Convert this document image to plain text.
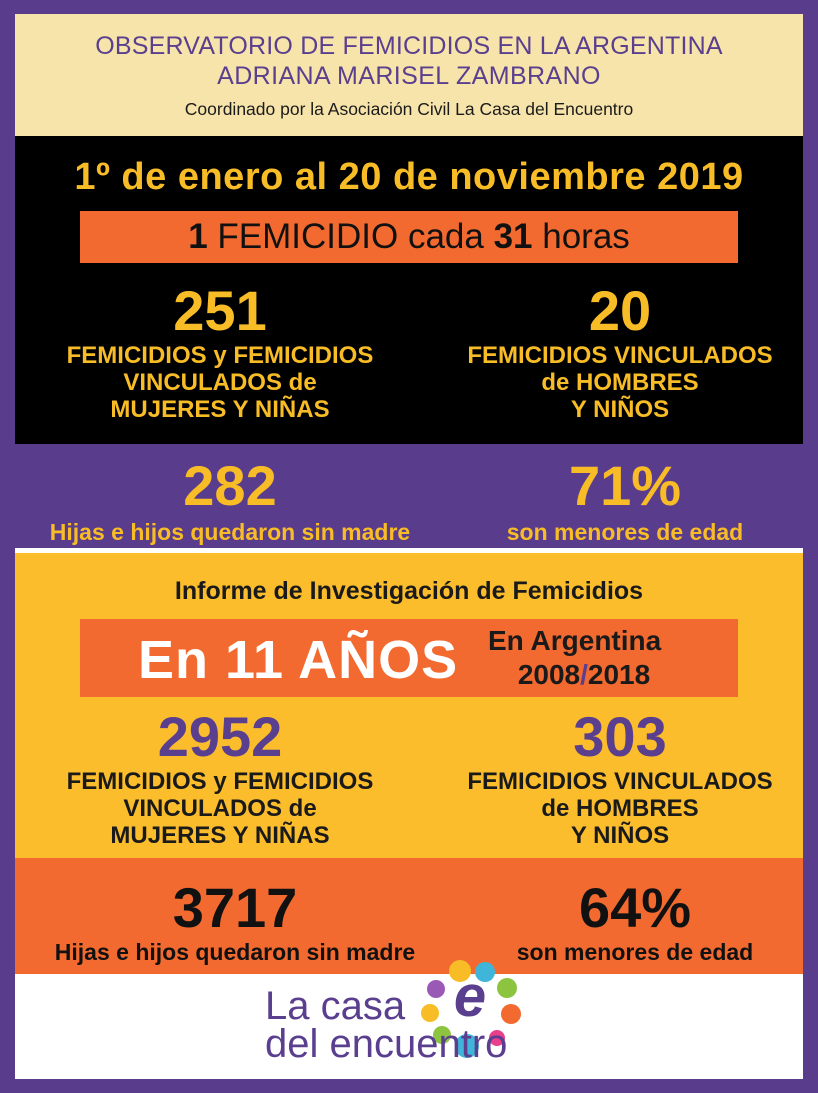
OBSERVATORIO DE FEMICIDIOS EN LA ARGENTINA
ADRIANA MARISEL ZAMBRANO
Coordinado por la Asociación Civil La Casa del Encuentro
1º de enero al 20 de noviembre 2019
1 FEMICIDIO cada 31 horas
251
FEMICIDIOS y FEMICIDIOS
VINCULADOS de
MUJERES Y NIÑAS
20
FEMICIDIOS VINCULADOS
de HOMBRES
Y NIÑOS
282
Hijas e hijos quedaron sin madre
71%
son menores de edad
Informe de Investigación de Femicidios
En 11 AÑOS En Argentina
2008/2018
2952
FEMICIDIOS y FEMICIDIOS
VINCULADOS de
MUJERES Y NIÑAS
303
FEMICIDIOS VINCULADOS
de HOMBRES
Y NIÑOS
3717
Hijas e hijos quedaron sin madre
64%
son menores de edad
e
La casa
del encuentro
